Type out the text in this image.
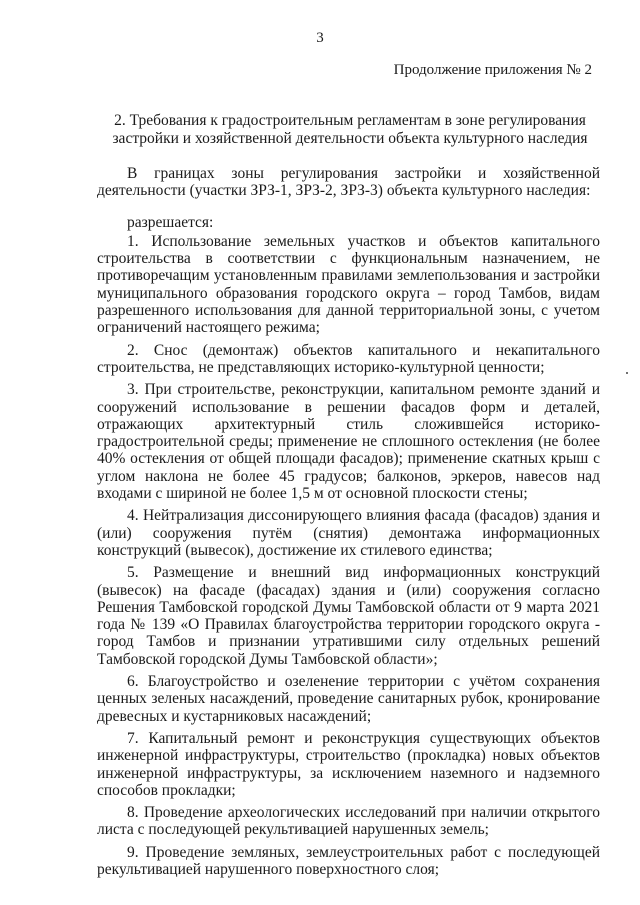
3
Продолжение приложения № 2
2. Требования к градостроительным регламентам в зоне регулирования застройки и хозяйственной деятельности объекта культурного наследия

В границах зоны регулирования застройки и хозяйственной деятельности (участки ЗРЗ-1, ЗРЗ-2, ЗРЗ-3) объекта культурного наследия:

разрешается:

1. Использование земельных участков и объектов капитального строительства в соответствии с функциональным назначением, не противоречащим установленным правилами землепользования и застройки муниципального образования городского округа – город Тамбов, видам разрешенного использования для данной территориальной зоны, с учетом ограничений настоящего режима;

2. Снос (демонтаж) объектов капитального и некапитального строительства, не представляющих историко-культурной ценности;

3. При строительстве, реконструкции, капитальном ремонте зданий и сооружений использование в решении фасадов форм и деталей, отражающих архитектурный стиль сложившейся историко-градостроительной среды; применение не сплошного остекления (не более 40% остекления от общей площади фасадов); применение скатных крыш с углом наклона не более 45 градусов; балконов, эркеров, навесов над входами с шириной не более 1,5 м от основной плоскости стены;

4. Нейтрализация диссонирующего влияния фасада (фасадов) здания и (или) сооружения путём (снятия) демонтажа информационных конструкций (вывесок), достижение их стилевого единства;

5. Размещение и внешний вид информационных конструкций (вывесок) на фасаде (фасадах) здания и (или) сооружения согласно Решения Тамбовской городской Думы Тамбовской области от 9 марта 2021 года № 139 «О Правилах благоустройства территории городского округа - город Тамбов и признании утратившими силу отдельных решений Тамбовской городской Думы Тамбовской области»;

6. Благоустройство и озеленение территории с учётом сохранения ценных зеленых насаждений, проведение санитарных рубок, кронирование древесных и кустарниковых насаждений;

7. Капитальный ремонт и реконструкция существующих объектов инженерной инфраструктуры, строительство (прокладка) новых объектов инженерной инфраструктуры, за исключением наземного и надземного способов прокладки;

8. Проведение археологических исследований при наличии открытого листа с последующей рекультивацией нарушенных земель;

9. Проведение земляных, землеустроительных работ с последующей рекультивацией нарушенного поверхностного слоя;
